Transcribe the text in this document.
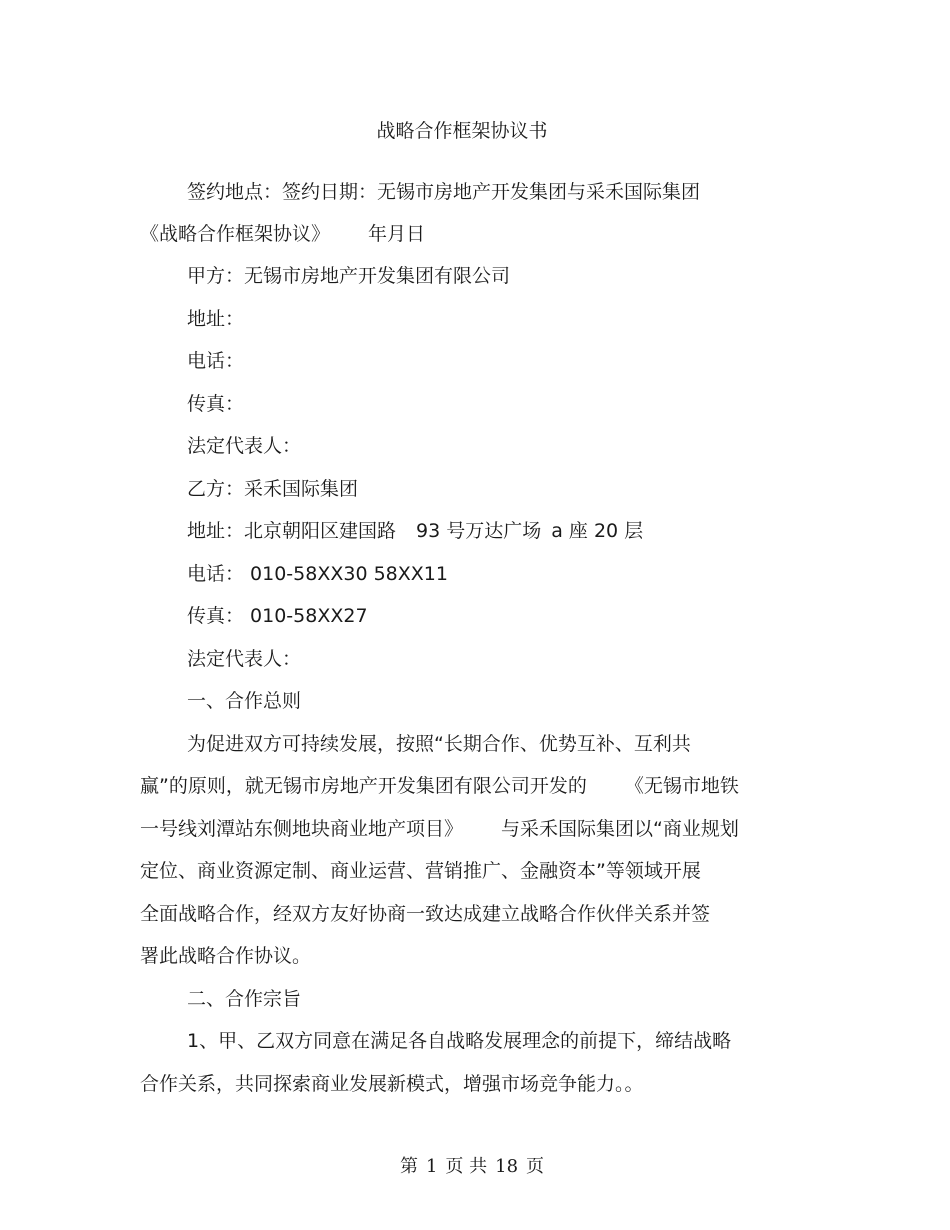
战略合作框架协议书
签约地点：签约日期：无锡市房地产开发集团与采禾国际集团
《战略合作框架协议》 年月日
甲方：无锡市房地产开发集团有限公司
地址：
电话：
传真：
法定代表人：
乙方：采禾国际集团
地址：北京朝阳区建国路 93 号万达广场 a 座 20 层
电话： 010-58XX30 58XX11
传真： 010-58XX27
法定代表人：
一、合作总则
为促进双方可持续发展，按照“长期合作、优势互补、互利共
赢”的原则，就无锡市房地产开发集团有限公司开发的 《无锡市地铁
一号线刘潭站东侧地块商业地产项目》 与采禾国际集团以“商业规划
定位、商业资源定制、商业运营、营销推广、金融资本”等领域开展
全面战略合作，经双方友好协商一致达成建立战略合作伙伴关系并签
署此战略合作协议。
二、合作宗旨
1、甲、乙双方同意在满足各自战略发展理念的前提下，缔结战略
合作关系，共同探索商业发展新模式，增强市场竞争能力。。
第 1 页 共 18 页
